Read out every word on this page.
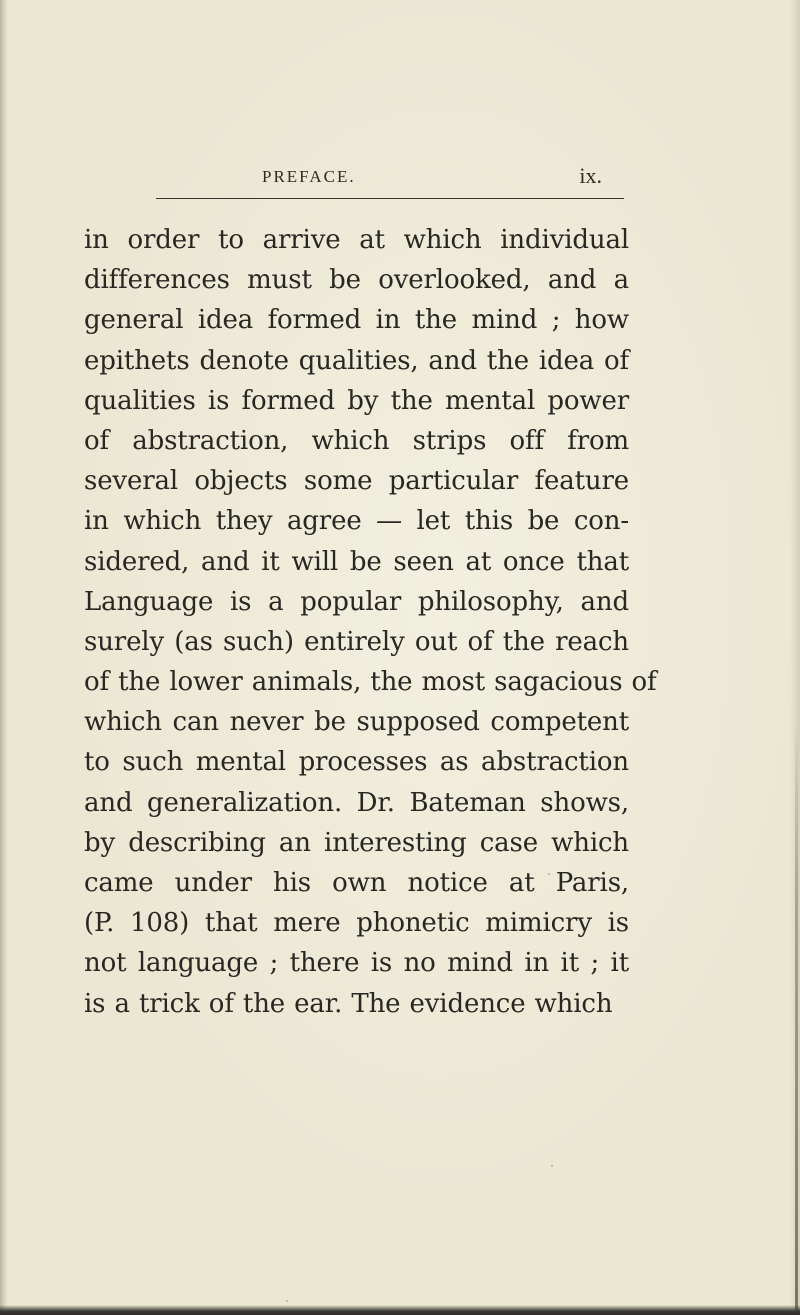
PREFACE.	ix.
in order to arrive at which individual
differences must be overlooked, and a
general idea formed in the mind ; how
epithets denote qualities, and the idea of
qualities is formed by the mental power
of abstraction, which strips off from
several objects some particular feature
in which they agree — let this be con-
sidered, and it will be seen at once that
Language is a popular philosophy, and
surely (as such) entirely out of the reach
of the lower animals, the most sagacious of
which can never be supposed competent
to such mental processes as abstraction
and generalization. Dr. Bateman shows,
by describing an interesting case which
came under his own notice at Paris,
(P. 108) that mere phonetic mimicry is
not language ; there is no mind in it ; it
is a trick of the ear. The evidence which
